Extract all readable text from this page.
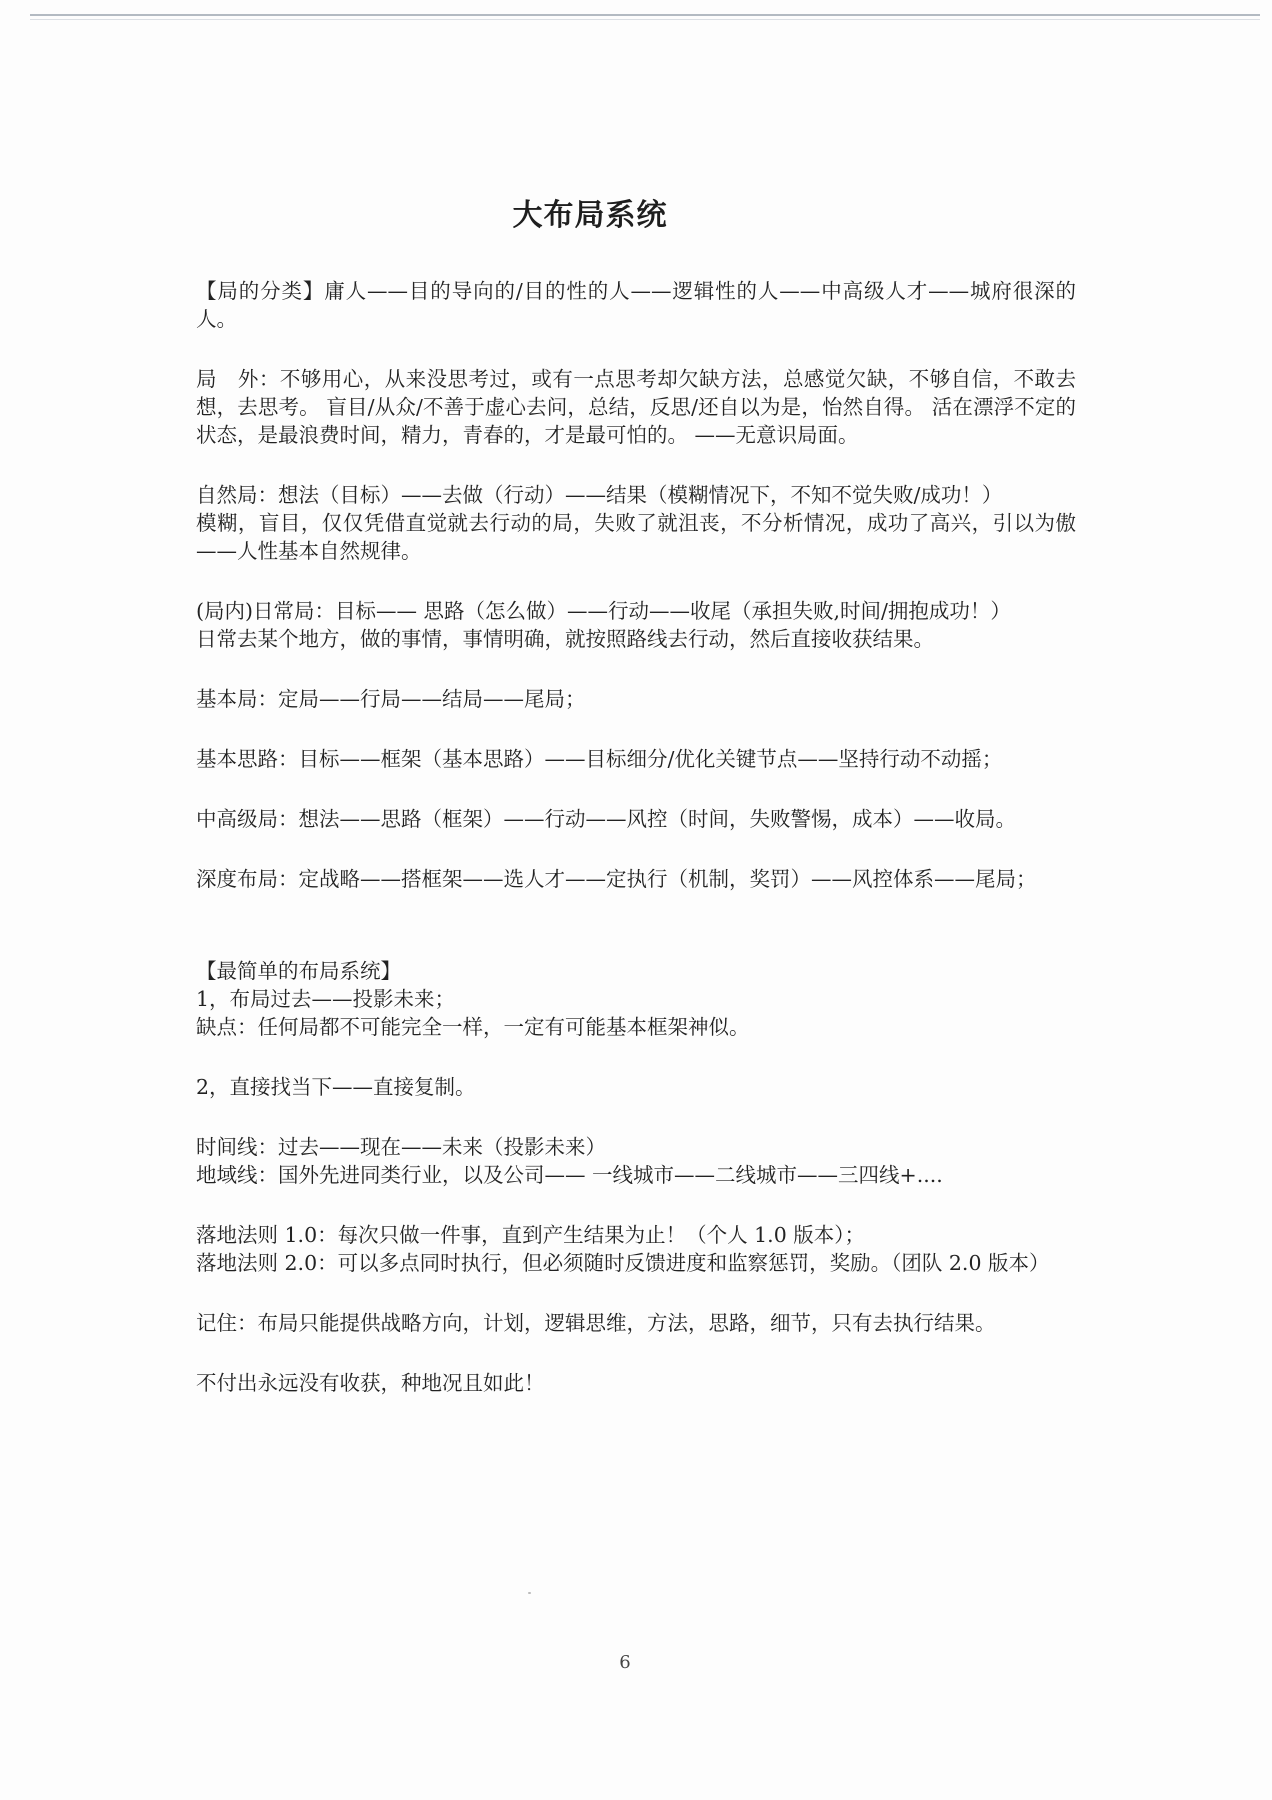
大布局系统

【局的分类】庸人——目的导向的/目的性的人——逻辑性的人——中高级人才——城府很深的人。

局　外：不够用心，从来没思考过，或有一点思考却欠缺方法，总感觉欠缺，不够自信，不敢去想，去思考。 盲目/从众/不善于虚心去问，总结，反思/还自以为是，怡然自得。 活在漂浮不定的状态，是最浪费时间，精力，青春的，才是最可怕的。 ——无意识局面。

自然局：想法（目标）——去做（行动）——结果（模糊情况下，不知不觉失败/成功！）

模糊，盲目，仅仅凭借直觉就去行动的局，失败了就沮丧，不分析情况，成功了高兴，引以为傲——人性基本自然规律。

(局内)日常局：目标—— 思路（怎么做）——行动——收尾（承担失败,时间/拥抱成功！）

日常去某个地方，做的事情，事情明确，就按照路线去行动，然后直接收获结果。

基本局：定局——行局——结局——尾局；

基本思路：目标——框架（基本思路）——目标细分/优化关键节点——坚持行动不动摇；

中高级局：想法——思路（框架）——行动——风控（时间，失败警惕，成本）——收局。

深度布局：定战略——搭框架——选人才——定执行（机制，奖罚）——风控体系——尾局；

【最简单的布局系统】

1，布局过去——投影未来；

缺点：任何局都不可能完全一样，一定有可能基本框架神似。

2，直接找当下——直接复制。

时间线：过去——现在——未来（投影未来）

地域线：国外先进同类行业，以及公司—— 一线城市——二线城市——三四线+....

落地法则 1.0：每次只做一件事，直到产生结果为止！（个人 1.0 版本）；

落地法则 2.0：可以多点同时执行，但必须随时反馈进度和监察惩罚，奖励。（团队 2.0 版本）

记住：布局只能提供战略方向，计划，逻辑思维，方法，思路，细节，只有去执行结果。

不付出永远没有收获，种地况且如此！

6
